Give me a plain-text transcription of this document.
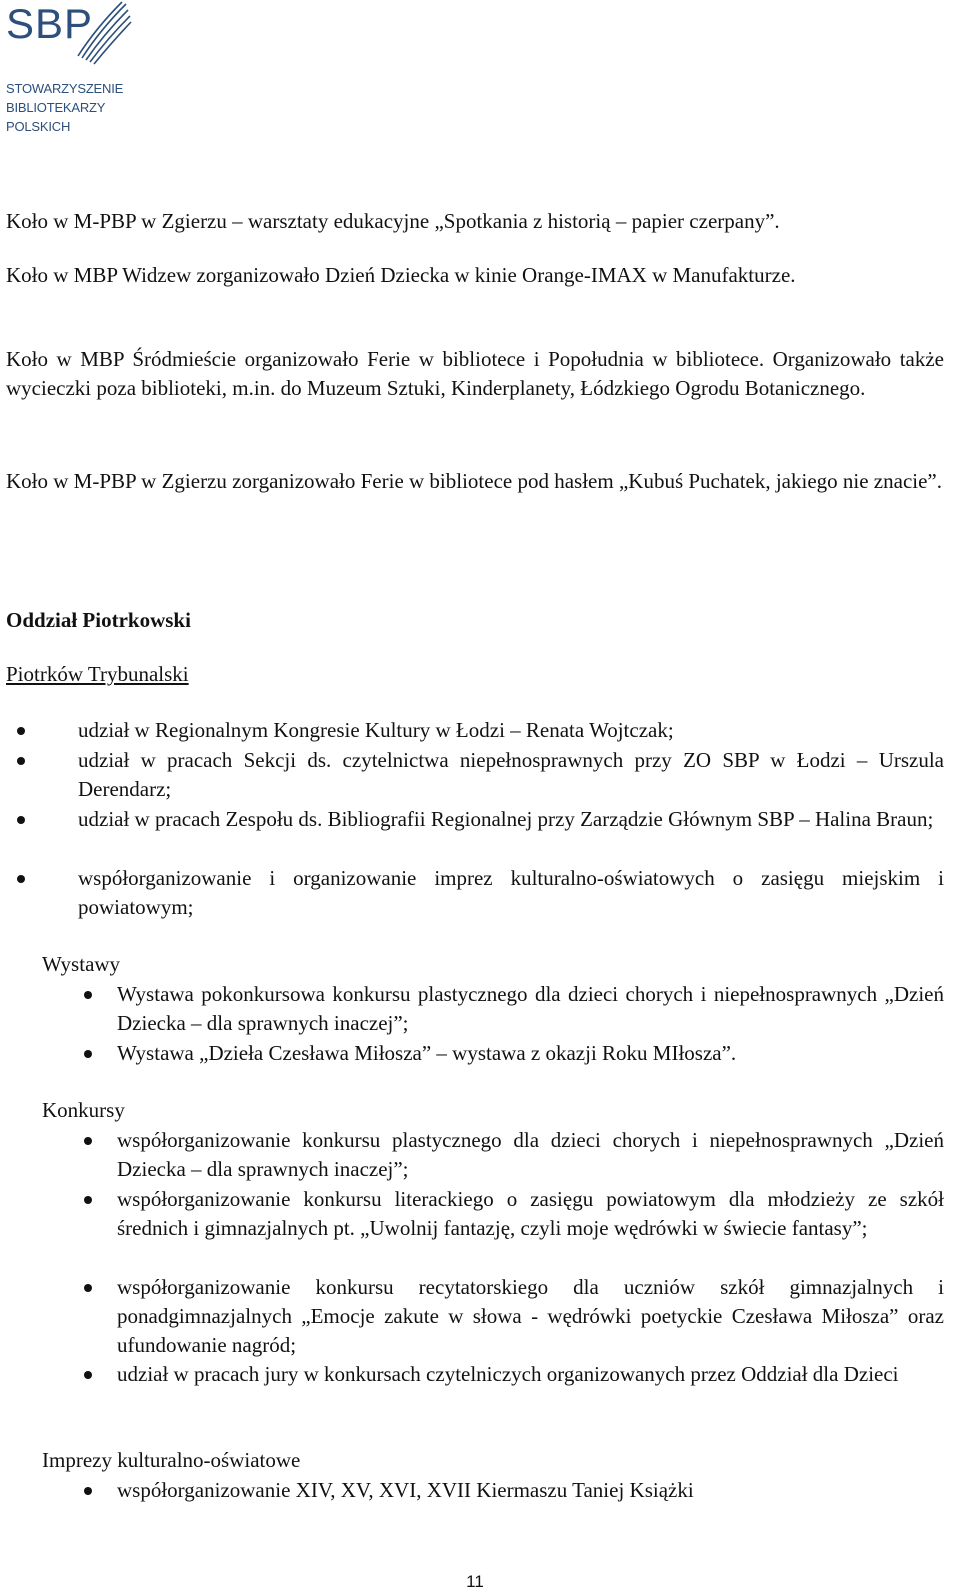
SBP
STOWARZYSZENIE
BIBLIOTEKARZY
POLSKICH

Koło w M-PBP w Zgierzu – warsztaty edukacyjne „Spotkania z historią – papier czerpany”.

Koło w MBP Widzew zorganizowało Dzień Dziecka w kinie Orange-IMAX w Manufakturze.

Koło w MBP Śródmieście organizowało Ferie w bibliotece i Popołudnia w bibliotece. Organizowało także wycieczki poza biblioteki, m.in. do Muzeum Sztuki, Kinderplanety, Łódzkiego Ogrodu Botanicznego.

Koło w M-PBP w Zgierzu zorganizowało Ferie w bibliotece pod hasłem „Kubuś Puchatek, jakiego nie znacie”.

Oddział Piotrkowski

Piotrków Trybunalski

udział w Regionalnym Kongresie Kultury w Łodzi – Renata Wojtczak;
udział w pracach Sekcji ds. czytelnictwa niepełnosprawnych przy ZO SBP w Łodzi – Urszula Derendarz;
udział w pracach Zespołu ds. Bibliografii Regionalnej przy Zarządzie Głównym SBP – Halina Braun;
współorganizowanie i organizowanie imprez kulturalno-oświatowych o zasięgu miejskim i powiatowym;
Wystawy
Wystawa pokonkursowa konkursu plastycznego dla dzieci chorych i niepełnosprawnych „Dzień Dziecka – dla sprawnych inaczej”;
Wystawa „Dzieła Czesława Miłosza” – wystawa z okazji Roku MIłosza”.
Konkursy
współorganizowanie konkursu plastycznego dla dzieci chorych i niepełnosprawnych „Dzień Dziecka – dla sprawnych inaczej”;
współorganizowanie konkursu literackiego o zasięgu powiatowym dla młodzieży ze szkół średnich i gimnazjalnych pt. „Uwolnij fantazję, czyli moje wędrówki w świecie fantasy”;
współorganizowanie konkursu recytatorskiego dla uczniów szkół gimnazjalnych i ponadgimnazjalnych „Emocje zakute w słowa - wędrówki poetyckie Czesława Miłosza” oraz ufundowanie nagród;
udział w pracach jury w konkursach czytelniczych organizowanych przez Oddział dla Dzieci
Imprezy kulturalno-oświatowe
współorganizowanie XIV, XV, XVI, XVII Kiermaszu Taniej Książki
11
